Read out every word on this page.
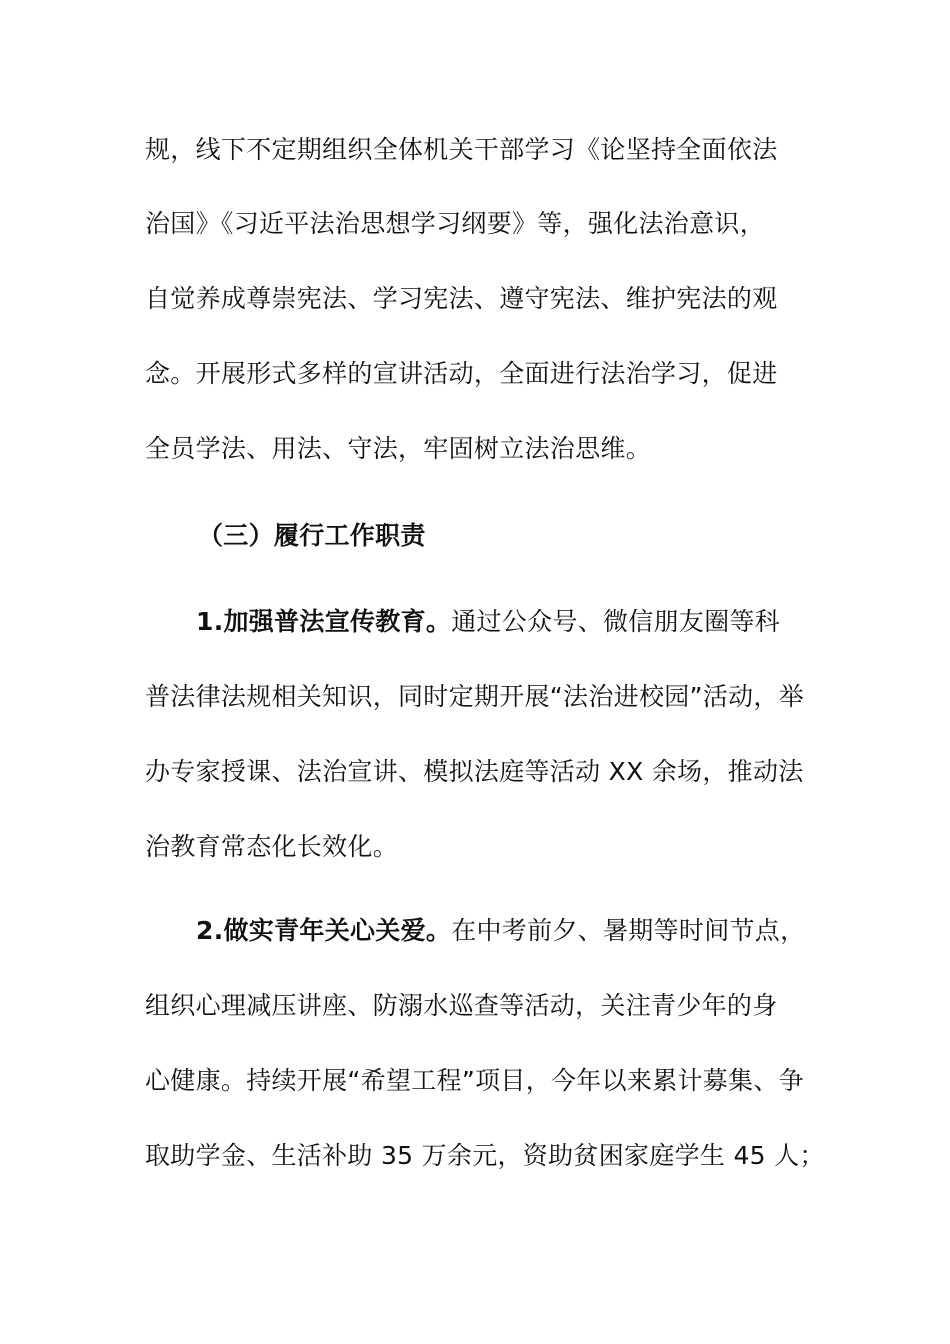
规，线下不定期组织全体机关干部学习《论坚持全面依法
治国》《习近平法治思想学习纲要》等，强化法治意识，
自觉养成尊崇宪法、学习宪法、遵守宪法、维护宪法的观
念。开展形式多样的宣讲活动，全面进行法治学习，促进
全员学法、用法、守法，牢固树立法治思维。
（三）履行工作职责
1.加强普法宣传教育。通过公众号、微信朋友圈等科
普法律法规相关知识，同时定期开展“法治进校园”活动，举
办专家授课、法治宣讲、模拟法庭等活动 XX 余场，推动法
治教育常态化长效化。
2.做实青年关心关爱。在中考前夕、暑期等时间节点，
组织心理减压讲座、防溺水巡查等活动，关注青少年的身
心健康。持续开展“希望工程”项目，今年以来累计募集、争
取助学金、生活补助 35 万余元，资助贫困家庭学生 45 人；
